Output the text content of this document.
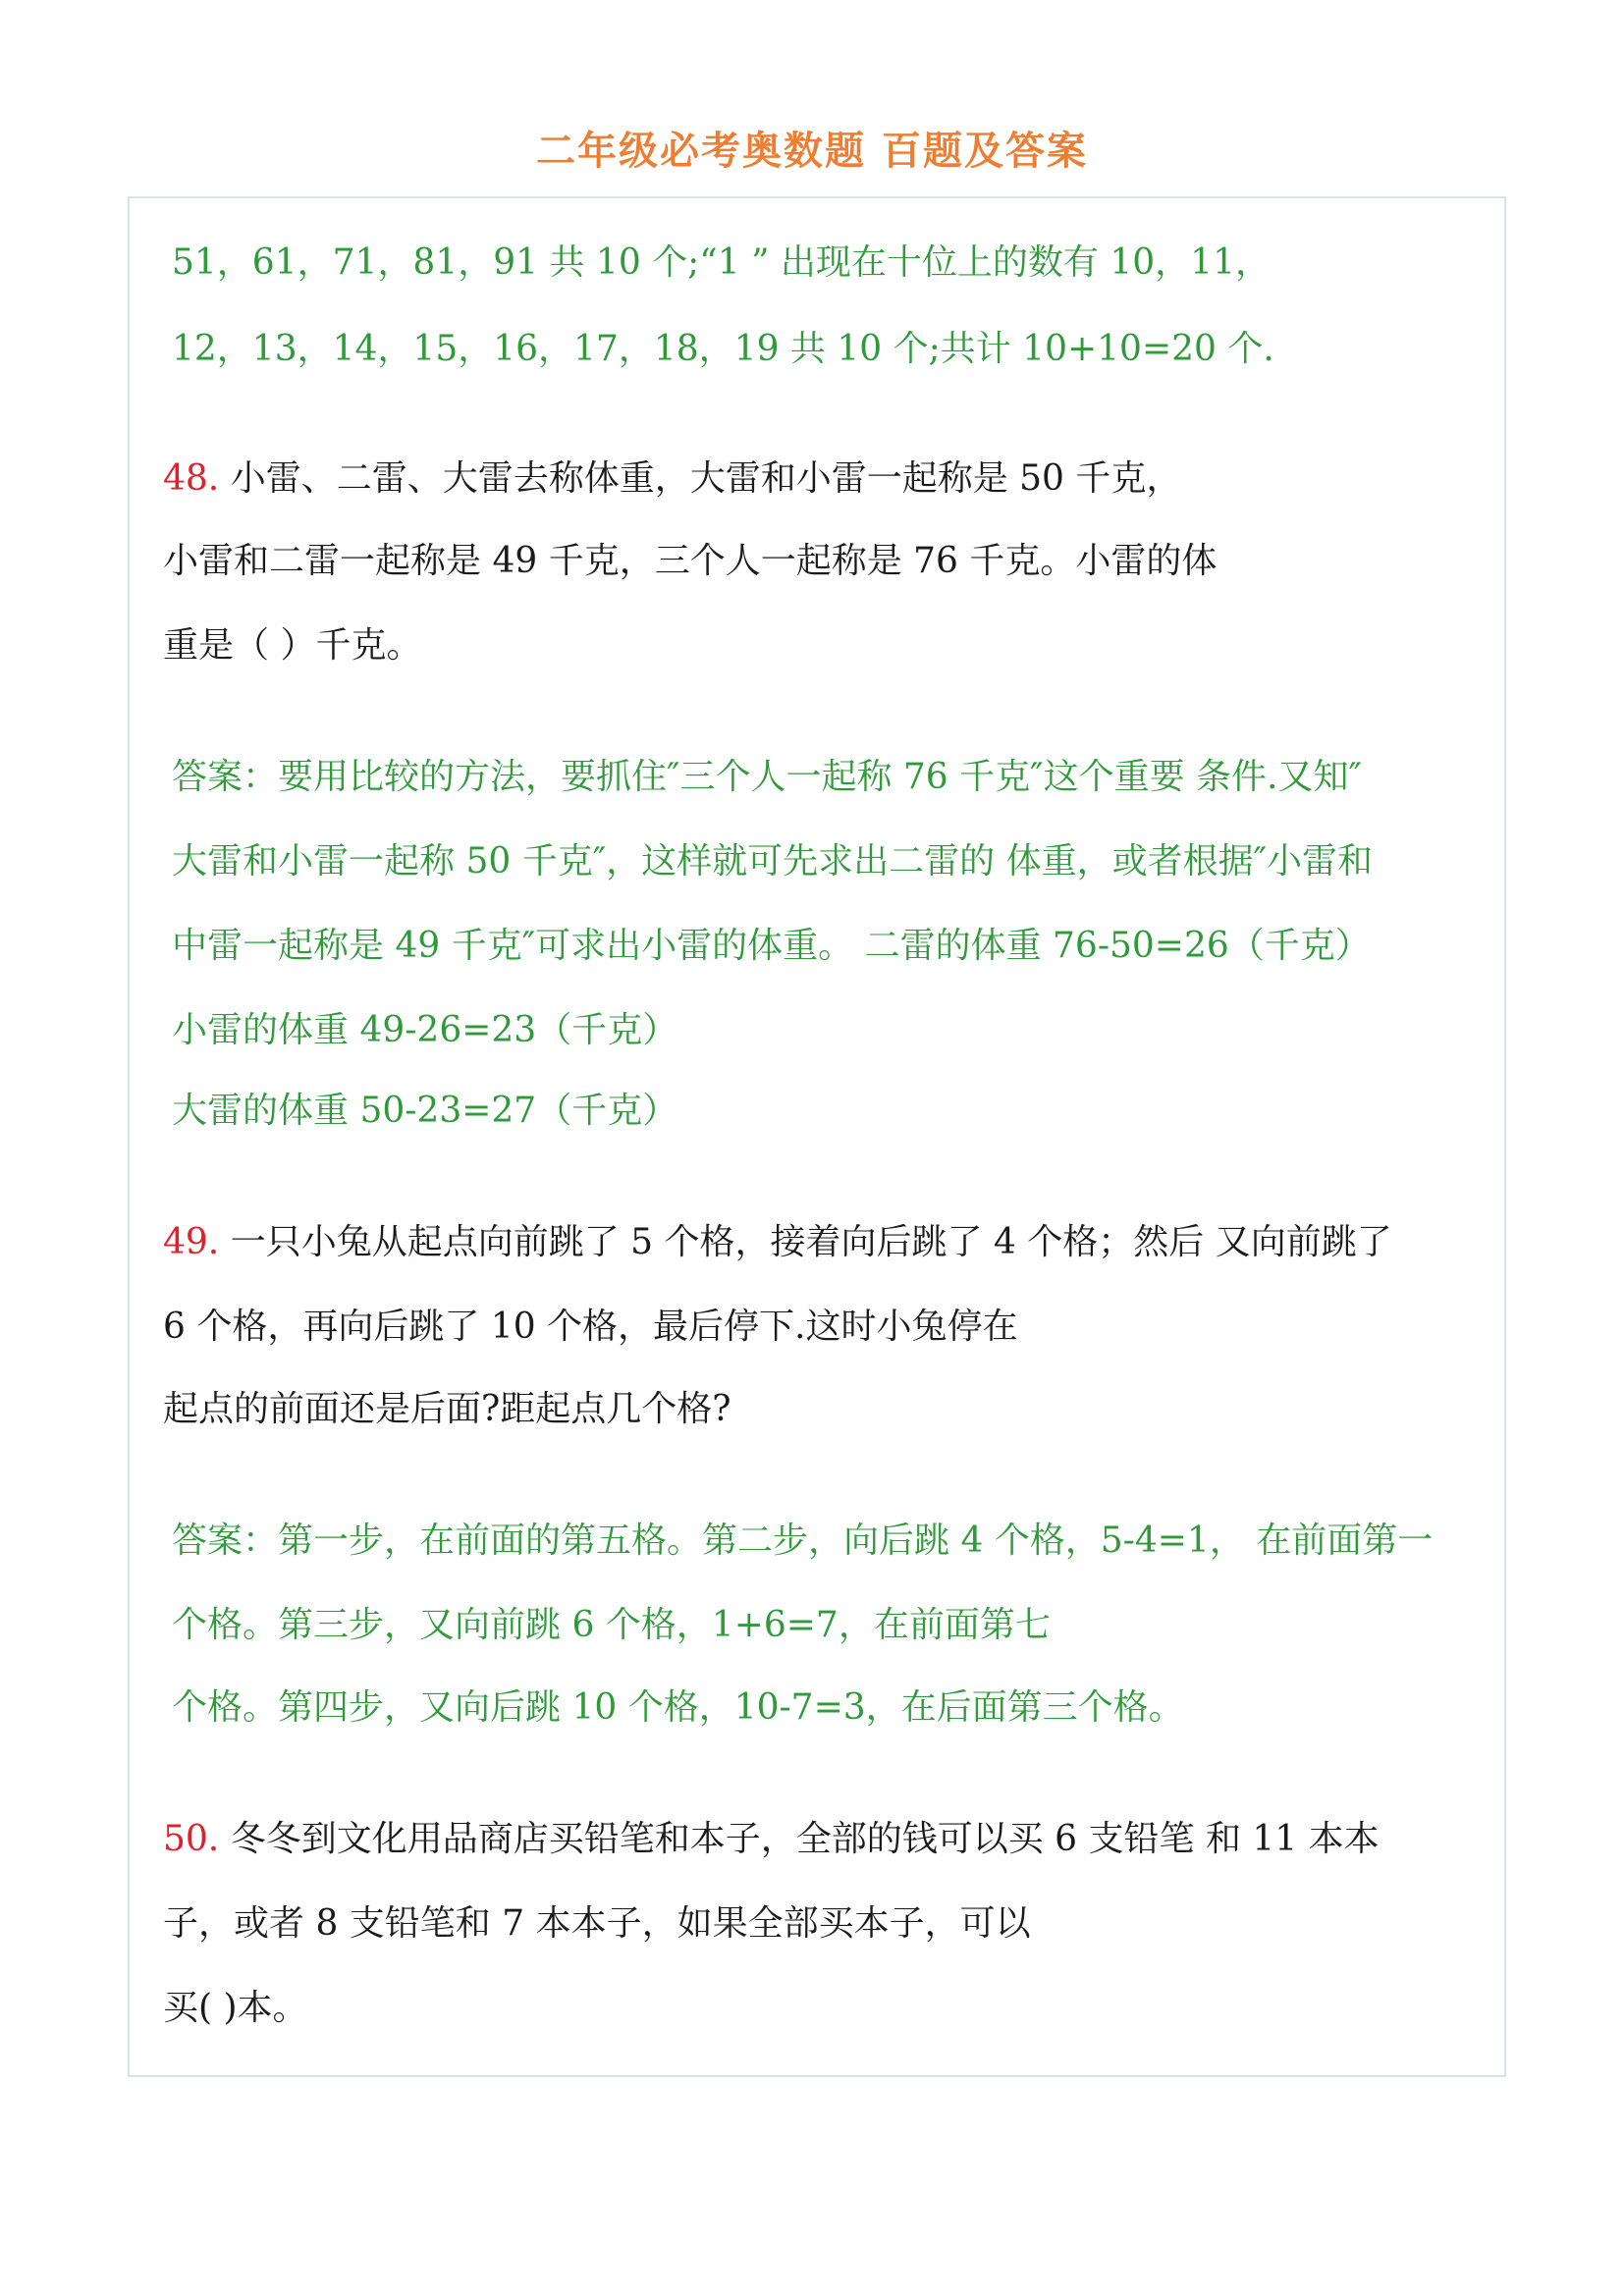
二年级必考奥数题 百题及答案
51，61，71，81，91 共 10 个;“1 ” 出现在十位上的数有 10，11，
12，13，14，15，16，17，18，19 共 10 个;共计 10+10=20 个.
48. 小雷、二雷、大雷去称体重，大雷和小雷一起称是 50 千克，
小雷和二雷一起称是 49 千克，三个人一起称是 76 千克。小雷的体
重是（ ）千克。
答案：要用比较的方法，要抓住″三个人一起称 76 千克″这个重要 条件.又知″
大雷和小雷一起称 50 千克″，这样就可先求出二雷的 体重，或者根据″小雷和
中雷一起称是 49 千克″可求出小雷的体重。 二雷的体重 76-50=26（千克）
小雷的体重 49-26=23（千克）
大雷的体重 50-23=27（千克）
49. 一只小兔从起点向前跳了 5 个格，接着向后跳了 4 个格；然后 又向前跳了
6 个格，再向后跳了 10 个格，最后停下.这时小兔停在
起点的前面还是后面?距起点几个格?
答案：第一步，在前面的第五格。第二步，向后跳 4 个格，5-4=1， 在前面第一
个格。第三步，又向前跳 6 个格，1+6=7，在前面第七
个格。第四步，又向后跳 10 个格，10-7=3，在后面第三个格。
50. 冬冬到文化用品商店买铅笔和本子，全部的钱可以买 6 支铅笔 和 11 本本
子，或者 8 支铅笔和 7 本本子，如果全部买本子，可以
买( )本。
